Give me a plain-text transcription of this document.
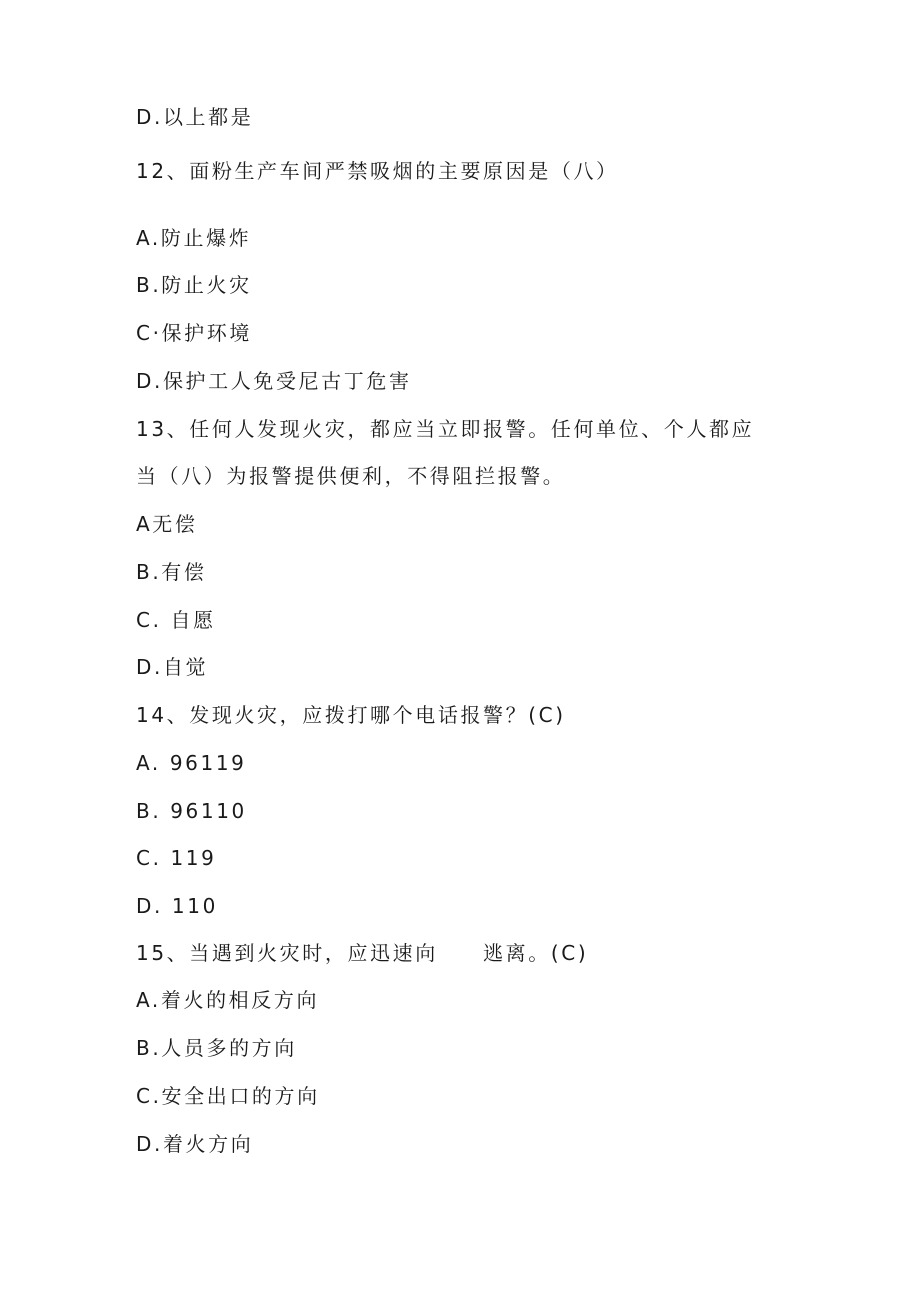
D.以上都是
12、面粉生产车间严禁吸烟的主要原因是（八）
A.防止爆炸
B.防止火灾
C·保护环境
D.保护工人免受尼古丁危害
13、任何人发现火灾，都应当立即报警。任何单位、个人都应
当（八）为报警提供便利，不得阻拦报警。
A无偿
B.有偿
C. 自愿
D.自觉
14、发现火灾，应拨打哪个电话报警？(C)
A. 96119
B. 96110
C. 119
D. 110
15、当遇到火灾时，应迅速向　　逃离。(C)
A.着火的相反方向
B.人员多的方向
C.安全出口的方向
D.着火方向
